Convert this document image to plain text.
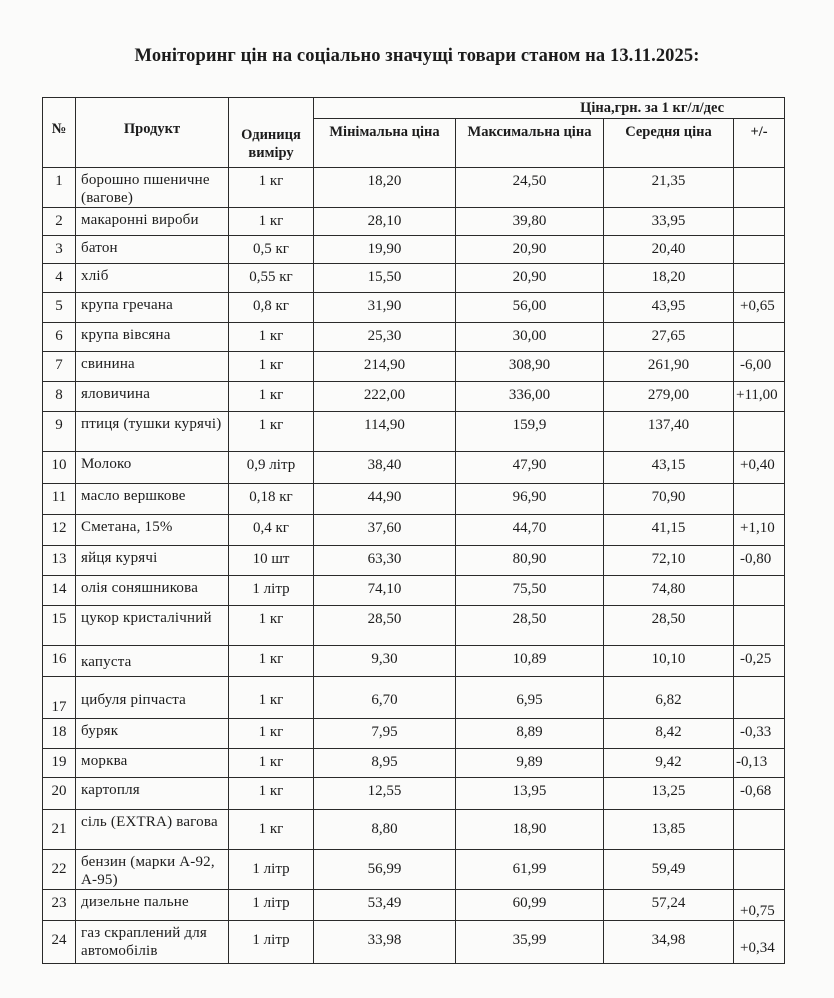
Моніторинг цін на соціально значущі товари станом на 13.11.2025:
№	Продукт	Одиниця виміру	Ціна,грн. за 1 кг/л/дес			
			Мінімальна ціна	Максимальна ціна	Середня ціна	+/-
1	борошно пшеничне (вагове)	1 кг	18,20	24,50	21,35	
2	макаронні вироби	1 кг	28,10	39,80	33,95	
3	батон	0,5 кг	19,90	20,90	20,40	
4	хліб	0,55 кг	15,50	20,90	18,20	
5	крупа гречана	0,8 кг	31,90	56,00	43,95	+0,65
6	крупа вівсяна	1 кг	25,30	30,00	27,65	
7	свинина	1 кг	214,90	308,90	261,90	-6,00
8	яловичина	1 кг	222,00	336,00	279,00	+11,00
9	птиця (тушки курячі)	1 кг	114,90	159,9	137,40	
10	Молоко	0,9 літр	38,40	47,90	43,15	+0,40
11	масло вершкове	0,18 кг	44,90	96,90	70,90	
12	Сметана, 15%	0,4 кг	37,60	44,70	41,15	+1,10
13	яйця курячі	10 шт	63,30	80,90	72,10	-0,80
14	олія соняшникова	1 літр	74,10	75,50	74,80	
15	цукор кристалічний	1 кг	28,50	28,50	28,50	
16	капуста	1 кг	9,30	10,89	10,10	-0,25
17	цибуля ріпчаста	1 кг	6,70	6,95	6,82	
18	буряк	1 кг	7,95	8,89	8,42	-0,33
19	морква	1 кг	8,95	9,89	9,42	-0,13
20	картопля	1 кг	12,55	13,95	13,25	-0,68
21	сіль (EXTRA) вагова	1 кг	8,80	18,90	13,85	
22	бензин (марки А-92, А-95)	1 літр	56,99	61,99	59,49	
23	дизельне пальне	1 літр	53,49	60,99	57,24	+0,75
24	газ скраплений для автомобілів	1 літр	33,98	35,99	34,98	+0,34
